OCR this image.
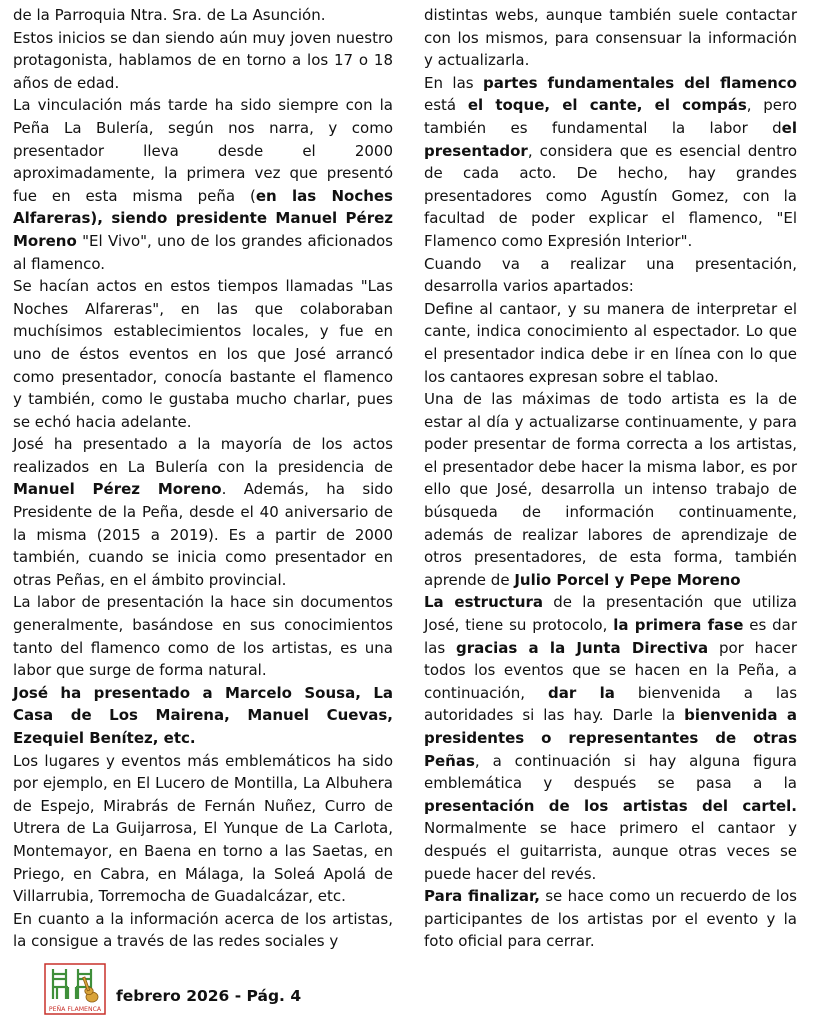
de la Parroquia Ntra. Sra. de La Asunción.

Estos inicios se dan siendo aún muy joven nuestro protagonista, hablamos de en torno a los 17 o 18 años de edad.

La vinculación más tarde ha sido siempre con la Peña La Bulería, según nos narra, y como presentador lleva desde el 2000 aproximadamente, la primera vez que presentó fue en esta misma peña (en las Noches Alfareras), siendo presidente Manuel Pérez Moreno "El Vivo", uno de los grandes aficionados al flamenco.

Se hacían actos en estos tiempos llamadas "Las Noches Alfareras", en las que colaboraban muchísimos establecimientos locales, y fue en uno de éstos eventos en los que José arrancó como presentador, conocía bastante el flamenco y también, como le gustaba mucho charlar, pues se echó hacia adelante.

José ha presentado a la mayoría de los actos realizados en La Bulería con la presidencia de Manuel Pérez Moreno. Además, ha sido Presidente de la Peña, desde el 40 aniversario de la misma (2015 a 2019). Es a partir de 2000 también, cuando se inicia como presentador en otras Peñas, en el ámbito provincial.

La labor de presentación la hace sin documentos generalmente, basándose en sus conocimientos tanto del flamenco como de los artistas, es una labor que surge de forma natural.

José ha presentado a Marcelo Sousa, La Casa de Los Mairena, Manuel Cuevas, Ezequiel Benítez, etc.

Los lugares y eventos más emblemáticos ha sido por ejemplo, en El Lucero de Montilla, La Albuhera de Espejo, Mirabrás de Fernán Nuñez, Curro de Utrera de La Guijarrosa, El Yunque de La Carlota, Montemayor, en Baena en torno a las Saetas, en Priego, en Cabra, en Málaga, la Soleá Apolá de Villarrubia, Torremocha de Guadalcázar, etc.

En cuanto a la información acerca de los artistas, la consigue a través de las redes sociales y

distintas webs, aunque también suele contactar con los mismos, para consensuar la información y actualizarla.

En las partes fundamentales del flamenco está el toque, el cante, el compás, pero también es fundamental la labor del presentador, considera que es esencial dentro de cada acto. De hecho, hay grandes presentadores como Agustín Gomez, con la facultad de poder explicar el flamenco, "El Flamenco como Expresión Interior".

Cuando va a realizar una presentación, desarrolla varios apartados:

Define al cantaor, y su manera de interpretar el cante, indica conocimiento al espectador. Lo que el presentador indica debe ir en línea con lo que los cantaores expresan sobre el tablao.

Una de las máximas de todo artista es la de estar al día y actualizarse continuamente, y para poder presentar de forma correcta a los artistas, el presentador debe hacer la misma labor, es por ello que José, desarrolla un intenso trabajo de búsqueda de información continuamente, además de realizar labores de aprendizaje de otros presentadores, de esta forma, también aprende de Julio Porcel y Pepe Moreno

La estructura de la presentación que utiliza José, tiene su protocolo, la primera fase es dar las gracias a la Junta Directiva por hacer todos los eventos que se hacen en la Peña, a continuación, dar la bienvenida a las autoridades si las hay. Darle la bienvenida a presidentes o representantes de otras Peñas, a continuación si hay alguna figura emblemática y después se pasa a la presentación de los artistas del cartel. Normalmente se hace primero el cantaor y después el guitarrista, aunque otras veces se puede hacer del revés.

Para finalizar, se hace como un recuerdo de los participantes de los artistas por el evento y la foto oficial para cerrar.

PEÑA FLAMENCA
febrero 2026 - Pág. 4
